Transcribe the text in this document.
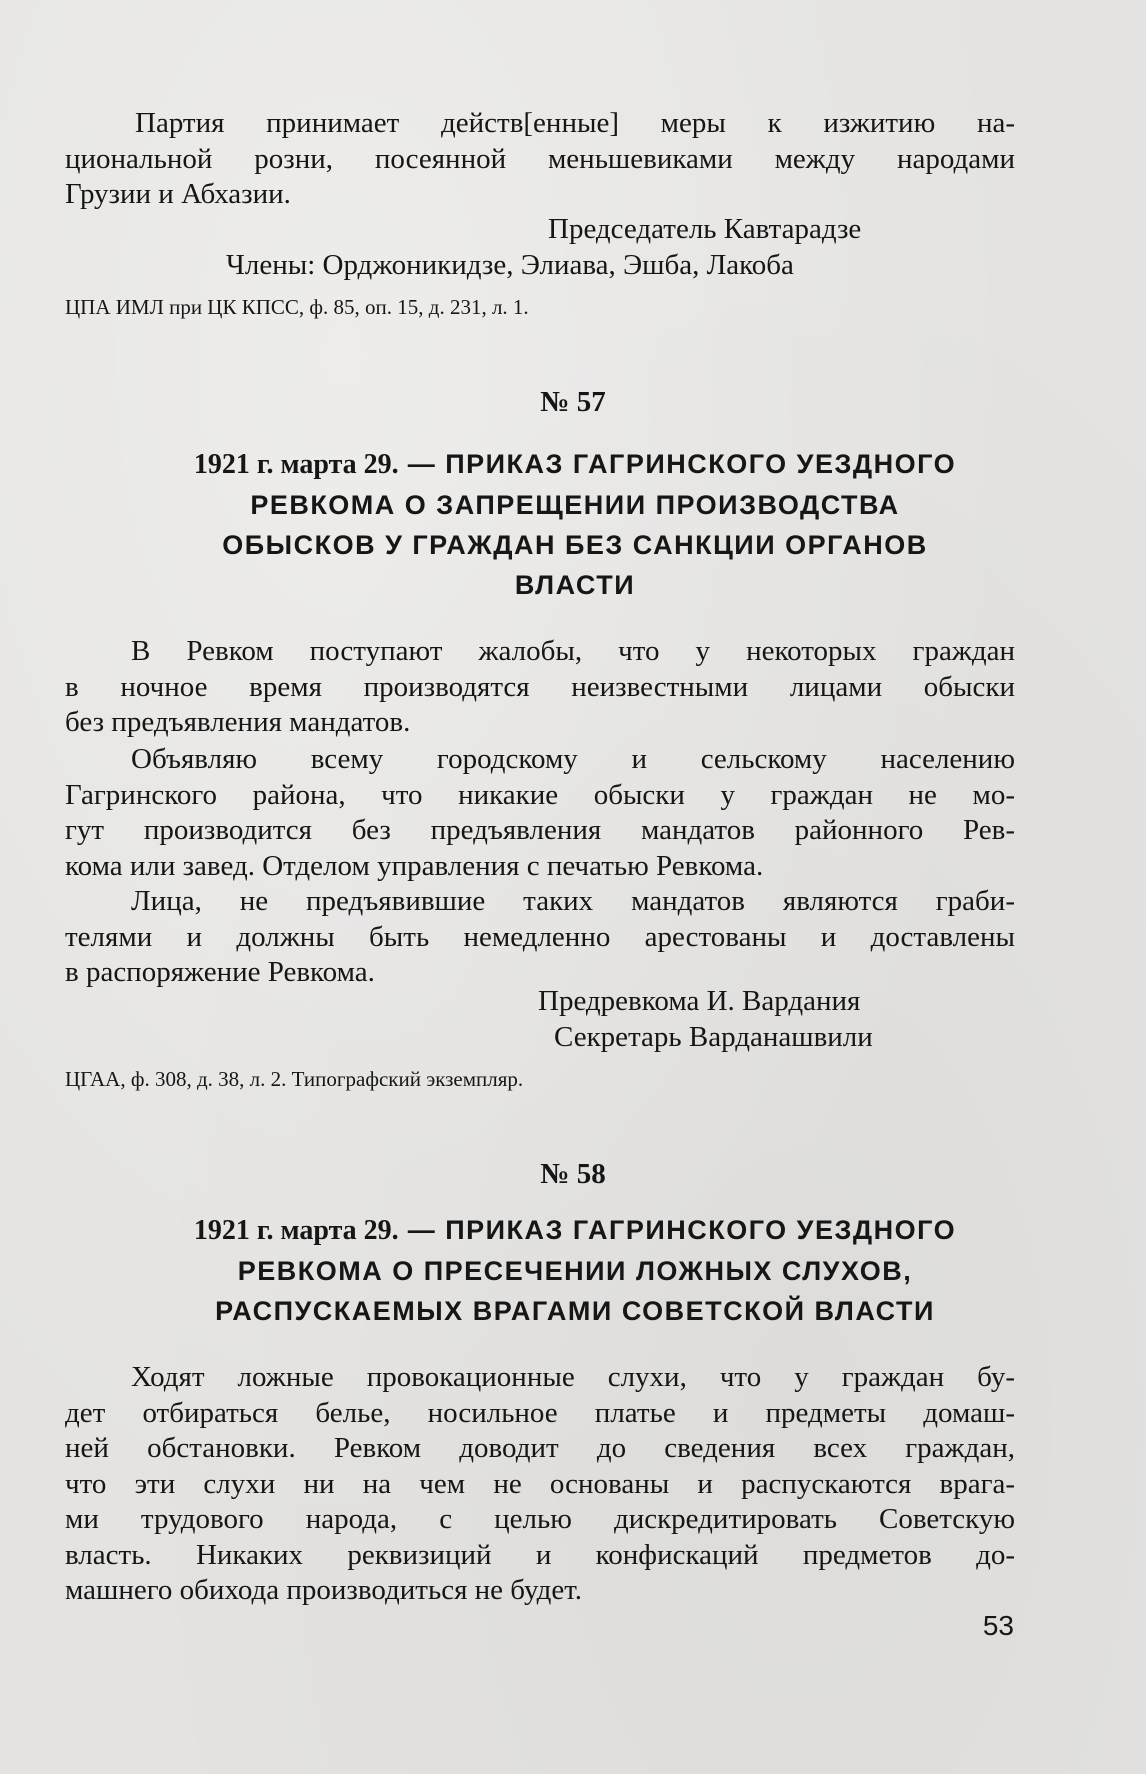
Партия принимает действ[енные] меры к изжитию на-
циональной розни, посеянной меньшевиками между народами
Грузии и Абхазии.
Председатель Кавтарадзе
Члены: Орджоникидзе, Элиава, Эшба, Лакоба
ЦПА ИМЛ при ЦК КПСС, ф. 85, оп. 15, д. 231, л. 1.
№ 57
1921 г. марта 29. — ПРИКАЗ ГАГРИНСКОГО УЕЗДНОГО
РЕВКОМА О ЗАПРЕЩЕНИИ ПРОИЗВОДСТВА
ОБЫСКОВ У ГРАЖДАН БЕЗ САНКЦИИ ОРГАНОВ
ВЛАСТИ
В Ревком поступают жалобы, что у некоторых граждан
в ночное время производятся неизвестными лицами обыски
без предъявления мандатов.
Объявляю всему городскому и сельскому населению
Гагринского района, что никакие обыски у граждан не мо-
гут производится без предъявления мандатов районного Рев-
кома или завед. Отделом управления с печатью Ревкома.
Лица, не предъявившие таких мандатов являются граби-
телями и должны быть немедленно арестованы и доставлены
в распоряжение Ревкома.
Предревкома И. Вардания
Секретарь Варданашвили
ЦГАА, ф. 308, д. 38, л. 2. Типографский экземпляр.
№ 58
1921 г. марта 29. — ПРИКАЗ ГАГРИНСКОГО УЕЗДНОГО
РЕВКОМА О ПРЕСЕЧЕНИИ ЛОЖНЫХ СЛУХОВ,
РАСПУСКАЕМЫХ ВРАГАМИ СОВЕТСКОЙ ВЛАСТИ
Ходят ложные провокационные слухи, что у граждан бу-
дет отбираться белье, носильное платье и предметы домаш-
ней обстановки. Ревком доводит до сведения всех граждан,
что эти слухи ни на чем не основаны и распускаются врага-
ми трудового народа, с целью дискредитировать Советскую
власть. Никаких реквизиций и конфискаций предметов до-
машнего обихода производиться не будет.
53
